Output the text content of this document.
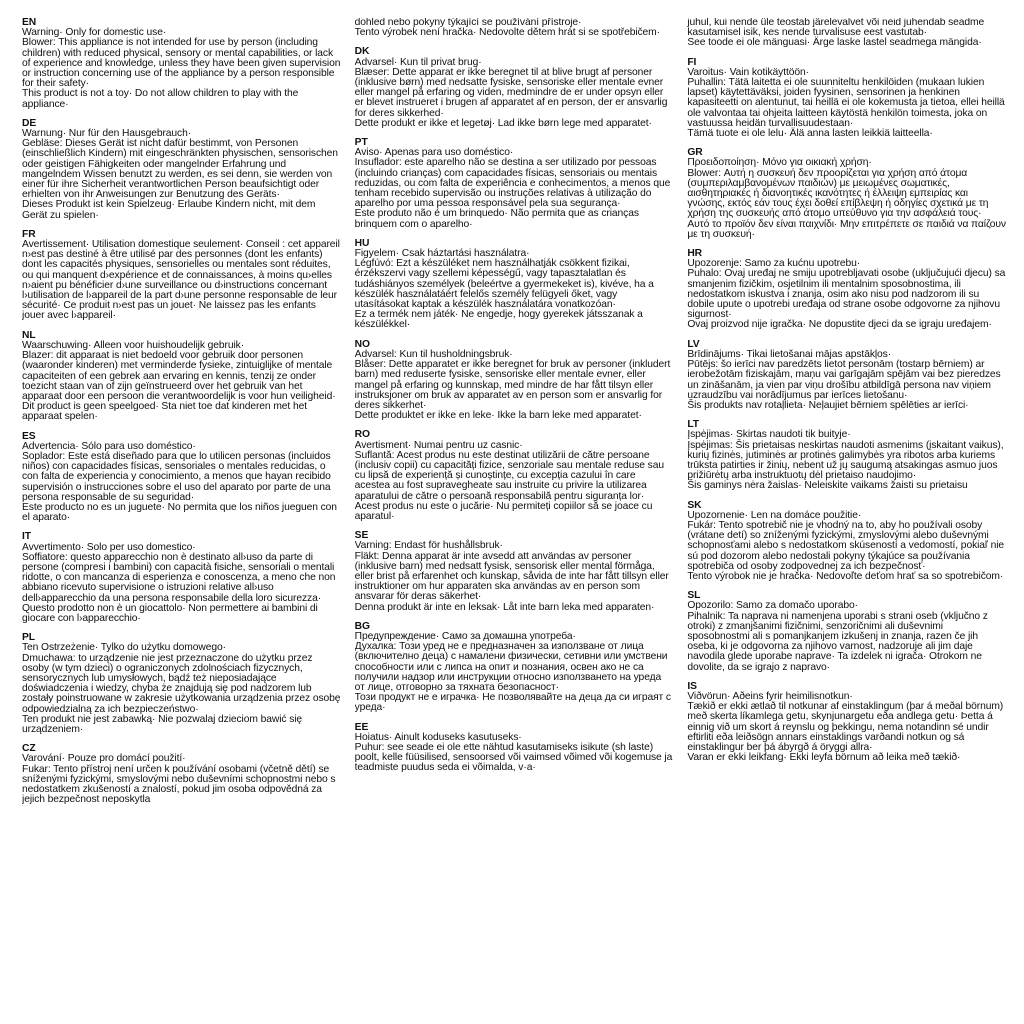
EN

Warning· Only for domestic use·

Blower: This appliance is not intended for use by person (including children) with reduced physical, sensory or mental capabilities, or lack of experience and knowledge, unless they have been given supervision or instruction concerning use of the appliance by a person responsible for their safety·

This product is not a toy· Do not allow children to play with the appliance·

DE

Warnung· Nur für den Hausgebrauch·

Gebläse: Dieses Gerät ist nicht dafür bestimmt, von Personen (einschließlich Kindern) mit eingeschränkten physischen, sensorischen oder geistigen Fähigkeiten oder mangelnder Erfahrung und mangelndem Wissen benutzt zu werden, es sei denn, sie werden von einer für ihre Sicherheit verantwortlichen Person beaufsichtigt oder erhielten von ihr Anweisungen zur Benutzung des Geräts·

Dieses Produkt ist kein Spielzeug· Erlaube Kindern nicht, mit dem Gerät zu spielen·

FR

Avertissement· Utilisation domestique seulement· Conseil : cet appareil n›est pas destiné à être utilisé par des personnes (dont les enfants) dont les capacités physiques, sensorielles ou mentales sont réduites, ou qui manquent d›expérience et de connaissances, à moins qu›elles n›aient pu bénéficier d›une surveillance ou d›instructions concernant l›utilisation de l›appareil de la part d›une personne responsable de leur sécurité· Ce produit n›est pas un jouet· Ne laissez pas les enfants jouer avec l›appareil·

NL

Waarschuwing· Alleen voor huishoudelijk gebruik·

Blazer: dit apparaat is niet bedoeld voor gebruik door personen (waaronder kinderen) met verminderde fysieke, zintuiglijke of mentale capaciteiten of een gebrek aan ervaring en kennis, tenzij ze onder toezicht staan van of zijn geïnstrueerd over het gebruik van het apparaat door een persoon die verantwoordelijk is voor hun veiligheid·

Dit product is geen speelgoed· Sta niet toe dat kinderen met het apparaat spelen·

ES

Advertencia· Sólo para uso doméstico·

Soplador: Este está diseñado para que lo utilicen personas (incluidos niños) con capacidades físicas, sensoriales o mentales reducidas, o con falta de experiencia y conocimiento, a menos que hayan recibido supervisión o instrucciones sobre el uso del aparato por parte de una persona responsable de su seguridad·

Este producto no es un juguete· No permita que los niños jueguen con el aparato·

IT

Avvertimento· Solo per uso domestico·

Soffiatore: questo apparecchio non è destinato all›uso da parte di persone (compresi i bambini) con capacità fisiche, sensoriali o mentali ridotte, o con mancanza di esperienza e conoscenza, a meno che non abbiano ricevuto supervisione o istruzioni relative all›uso dell›apparecchio da una persona responsabile della loro sicurezza·

Questo prodotto non è un giocattolo· Non permettere ai bambini di giocare con l›apparecchio·

PL

Ten Ostrzeżenie· Tylko do użytku domowego·

Dmuchawa: to urządzenie nie jest przeznaczone do użytku przez osoby (w tym dzieci) o ograniczonych zdolnościach fizycznych, sensorycznych lub umysłowych, bądź też nieposiadające doświadczenia i wiedzy, chyba że znajdują się pod nadzorem lub zostały poinstruowane w zakresie użytkowania urządzenia przez osobę odpowiedzialną za ich bezpieczeństwo·

Ten produkt nie jest zabawką· Nie pozwalaj dzieciom bawić się urządzeniem·

CZ

Varování· Pouze pro domácí použití·

Fukar: Tento přístroj není určen k používání osobami (včetně dětí) se sníženými fyzickými, smyslovými nebo duševními schopnostmi nebo s nedostatkem zkušeností a znalostí, pokud jim osoba odpovědná za jejich bezpečnost neposkytla

dohled nebo pokyny týkající se používání přístroje·

Tento výrobek není hračka· Nedovolte dětem hrát si se spotřebičem·

DK

Advarsel· Kun til privat brug·

Blæser: Dette apparat er ikke beregnet til at blive brugt af personer (inklusive børn) med nedsatte fysiske, sensoriske eller mentale evner eller mangel på erfaring og viden, medmindre de er under opsyn eller er blevet instrueret i brugen af apparatet af en person, der er ansvarlig for deres sikkerhed·

Dette produkt er ikke et legetøj· Lad ikke børn lege med apparatet·

PT

Aviso· Apenas para uso doméstico·

Insuflador: este aparelho não se destina a ser utilizado por pessoas (incluindo crianças) com capacidades físicas, sensoriais ou mentais reduzidas, ou com falta de experiência e conhecimentos, a menos que tenham recebido supervisão ou instruções relativas à utilização do aparelho por uma pessoa responsável pela sua segurança·

Este produto não é um brinquedo· Não permita que as crianças brinquem com o aparelho·

HU

Figyelem· Csak háztartási használatra·

Légfúvó: Ezt a készüléket nem használhatják csökkent fizikai, érzékszervi vagy szellemi képességű, vagy tapasztalatlan és tudáshiányos személyek (beleértve a gyermekeket is), kivéve, ha a készülék használatáért felelős személy felügyeli őket, vagy utasításokat kaptak a készülék használatára vonatkozóan·

Ez a termék nem játék· Ne engedje, hogy gyerekek játsszanak a készülékkel·

NO

Advarsel: Kun til husholdningsbruk·

Blåser: Dette apparatet er ikke beregnet for bruk av personer (inkludert barn) med reduserte fysiske, sensoriske eller mentale evner, eller mangel på erfaring og kunnskap, med mindre de har fått tilsyn eller instruksjoner om bruk av apparatet av en person som er ansvarlig for deres sikkerhet·

Dette produktet er ikke en leke· Ikke la barn leke med apparatet·

RO

Avertisment· Numai pentru uz casnic·

Suflantă: Acest produs nu este destinat utilizării de către persoane (inclusiv copii) cu capacități fizice, senzoriale sau mentale reduse sau cu lipsă de experiență și cunoștințe, cu excepția cazului în care acestea au fost supravegheate sau instruite cu privire la utilizarea aparatului de către o persoană responsabilă pentru siguranța lor·

Acest produs nu este o jucărie· Nu permiteți copiilor să se joace cu aparatul·

SE

Varning: Endast för hushållsbruk·

Fläkt: Denna apparat är inte avsedd att användas av personer (inklusive barn) med nedsatt fysisk, sensorisk eller mental förmåga, eller brist på erfarenhet och kunskap, såvida de inte har fått tillsyn eller instruktioner om hur apparaten ska användas av en person som ansvarar för deras säkerhet·

Denna produkt är inte en leksak· Låt inte barn leka med apparaten·

BG

Предупреждение· Само за домашна употреба·

Духалка: Този уред не е предназначен за използване от лица (включително деца) с намалени физически, сетивни или умствени способности или с липса на опит и познания, освен ако не са получили надзор или инструкции относно използването на уреда от лице, отговорно за тяхната безопасност·

Този продукт не е играчка· Не позволявайте на деца да си играят с уреда·

EE

Hoiatus· Ainult koduseks kasutuseks·

Puhur: see seade ei ole ette nähtud kasutamiseks isikute (sh laste) poolt, kelle füüsilised, sensoorsed või vaimsed võimed või kogemuse ja teadmiste puudus seda ei võimalda, v·a·

juhul, kui nende üle teostab järelevalvet või neid juhendab seadme kasutamisel isik, kes nende turvalisuse eest vastutab·

See toode ei ole mänguasi· Ärge laske lastel seadmega mängida·

FI

Varoitus· Vain kotikäyttöön·

Puhallin: Tätä laitetta ei ole suunniteltu henkilöiden (mukaan lukien lapset) käytettäväksi, joiden fyysinen, sensorinen ja henkinen kapasiteetti on alentunut, tai heillä ei ole kokemusta ja tietoa, ellei heillä ole valvontaa tai ohjeita laitteen käytöstä henkilön toimesta, joka on vastuussa heidän turvallisuudestaan·

Tämä tuote ei ole lelu· Älä anna lasten leikkiä laitteella·

GR

Προειδοποίηση· Μόνο για οικιακή χρήση·

Blower: Αυτή η συσκευή δεν προορίζεται για χρήση από άτομα (συμπεριλαμβανομένων παιδιών) με μειωμένες σωματικές, αισθητηριακές ή διανοητικές ικανότητες ή έλλειψη εμπειρίας και γνώσης, εκτός εάν τους έχει δοθεί επίβλεψη ή οδηγίες σχετικά με τη χρήση της συσκευής από άτομο υπεύθυνο για την ασφάλειά τους·

Αυτό το προϊόν δεν είναι παιχνίδι· Μην επιτρέπετε σε παιδιά να παίζουν με τη συσκευή·

HR

Upozorenje: Samo za kućnu upotrebu·

Puhalo: Ovaj uređaj ne smiju upotrebljavati osobe (uključujući djecu) sa smanjenim fizičkim, osjetilnim ili mentalnim sposobnostima, ili nedostatkom iskustva i znanja, osim ako nisu pod nadzorom ili su dobile upute o upotrebi uređaja od strane osobe odgovorne za njihovu sigurnost·

Ovaj proizvod nije igračka· Ne dopustite djeci da se igraju uređajem·

LV

Brīdinājums· Tikai lietošanai mājas apstākļos·

Pūtējs: šo ierīci nav paredzēts lietot personām (tostarp bērniem) ar ierobežotām fiziskajām, maņu vai garīgajām spējām vai bez pieredzes un zināšanām, ja vien par viņu drošību atbildīgā persona nav viņiem uzraudzību vai norādījumus par ierīces lietošanu·

Šis produkts nav rotaļlieta· Neļaujiet bērniem spēlēties ar ierīci·

LT

Įspėjimas· Skirtas naudoti tik buityje·

Įspėjimas: Šis prietaisas neskirtas naudoti asmenims (įskaitant vaikus), kurių fizinės, jutiminės ar protinės galimybės yra ribotos arba kuriems trūksta patirties ir žinių, nebent už jų saugumą atsakingas asmuo juos prižiūrėtų arba instruktuotų dėl prietaiso naudojimo·

Šis gaminys nėra žaislas· Neleiskite vaikams žaisti su prietaisu

SK

Upozornenie· Len na domáce použitie·

Fukár: Tento spotrebič nie je vhodný na to, aby ho používali osoby (vrátane detí) so zníženými fyzickými, zmyslovými alebo duševnými schopnosťami alebo s nedostatkom skúseností a vedomostí, pokiaľ nie sú pod dozorom alebo nedostali pokyny týkajúce sa používania spotrebiča od osoby zodpovednej za ich bezpečnosť·

Tento výrobok nie je hračka· Nedovoľte deťom hrať sa so spotrebičom·

SL

Opozorilo: Samo za domačo uporabo·

Pihalnik: Ta naprava ni namenjena uporabi s strani oseb (vključno z otroki) z zmanjšanimi fizičnimi, senzoričnimi ali duševnimi sposobnostmi ali s pomanjkanjem izkušenj in znanja, razen če jih oseba, ki je odgovorna za njihovo varnost, nadzoruje ali jim daje navodila glede uporabe naprave· Ta izdelek ni igrača· Otrokom ne dovolite, da se igrajo z napravo·

IS

Viðvörun· Aðeins fyrir heimilisnotkun·

Tækið er ekki ætlað til notkunar af einstaklingum (þar á meðal börnum) með skerta líkamlega getu, skynjunargetu eða andlega getu· Þetta á einnig við um skort á reynslu og þekkingu, nema notandinn sé undir eftirliti eða leiðsögn annars einstaklings varðandi notkun og sá einstaklingur ber þá ábyrgð á öryggi allra·

Varan er ekki leikfang· Ekki leyfa börnum að leika með tækið·
